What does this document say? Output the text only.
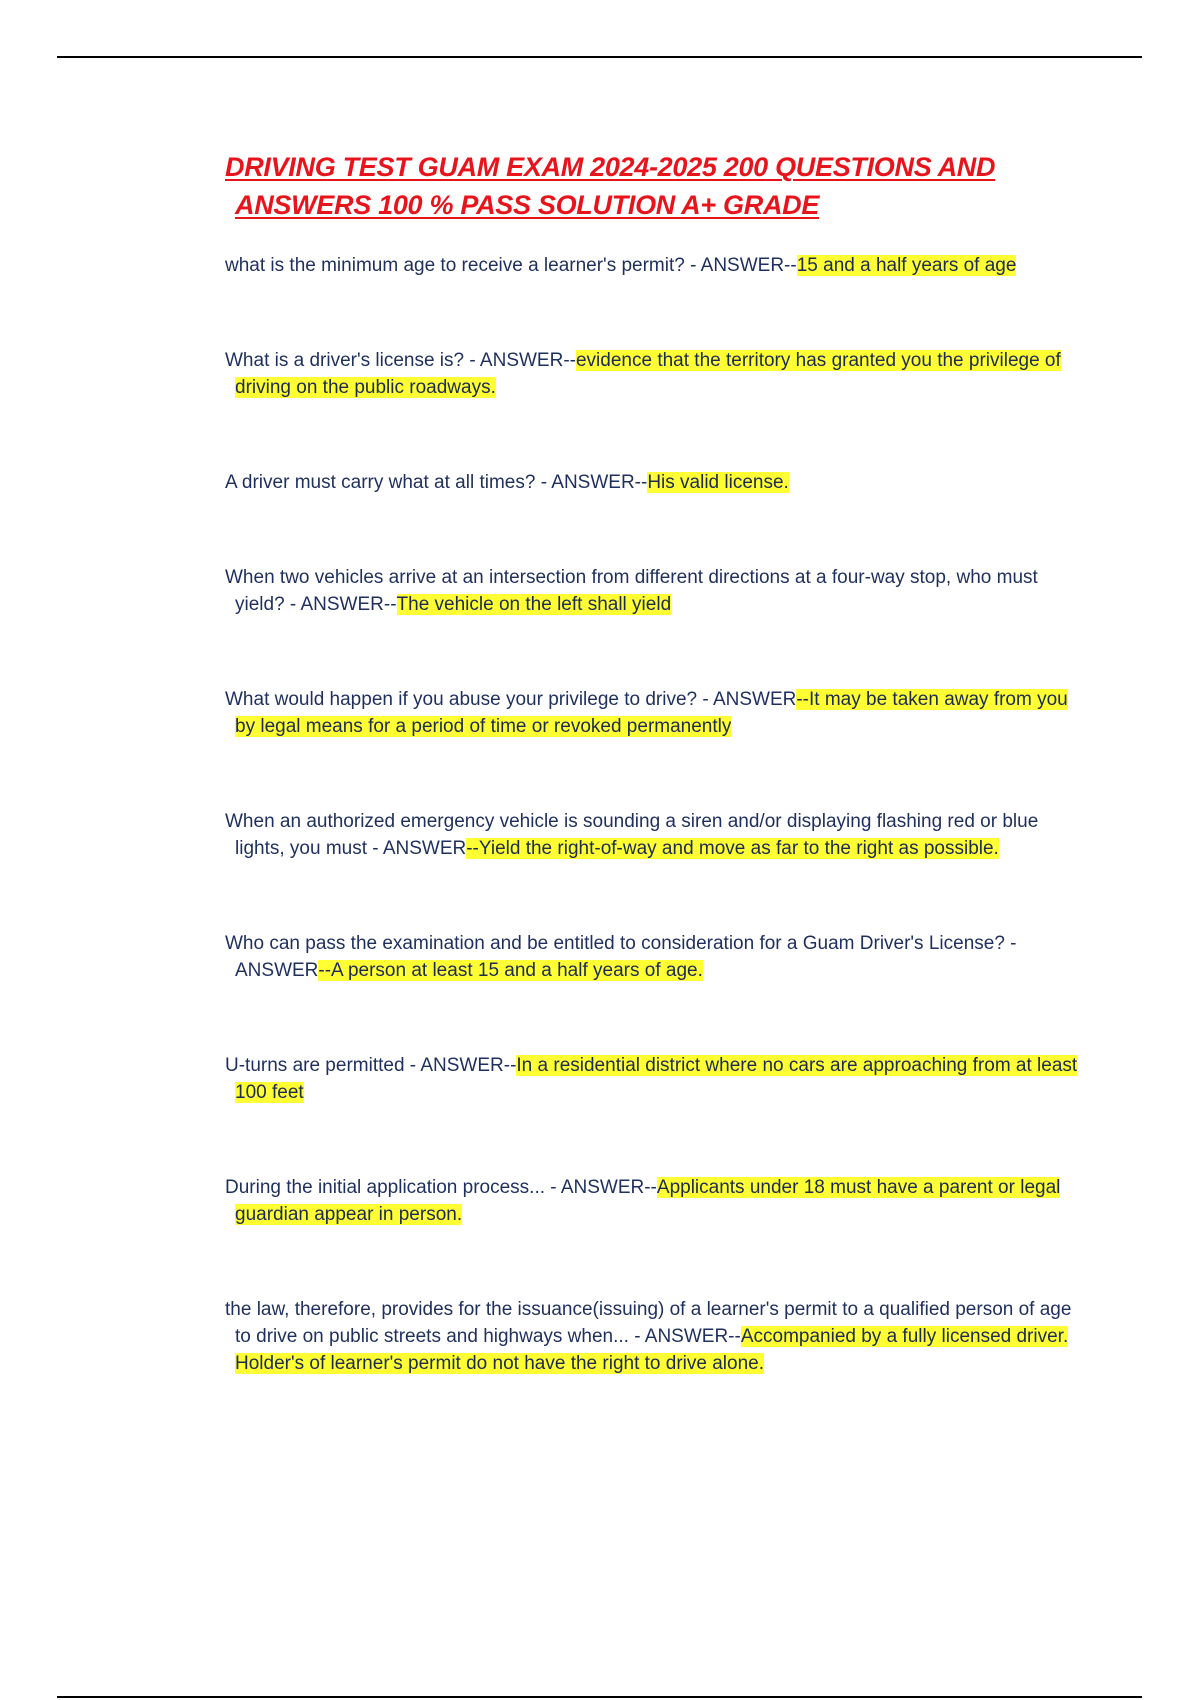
DRIVING TEST GUAM EXAM 2024-2025 200 QUESTIONS AND
ANSWERS 100 % PASS SOLUTION A+ GRADE
what is the minimum age to receive a learner's permit? - ANSWER--15 and a half years of age
What is a driver's license is? - ANSWER--evidence that the territory has granted you the privilege of driving on the public roadways.
A driver must carry what at all times? - ANSWER--His valid license.
When two vehicles arrive at an intersection from different directions at a four-way stop, who must yield? - ANSWER--The vehicle on the left shall yield
What would happen if you abuse your privilege to drive? - ANSWER--It may be taken away from you by legal means for a period of time or revoked permanently
When an authorized emergency vehicle is sounding a siren and/or displaying flashing red or blue lights, you must - ANSWER--Yield the right-of-way and move as far to the right as possible.
Who can pass the examination and be entitled to consideration for a Guam Driver's License? - ANSWER--A person at least 15 and a half years of age.
U-turns are permitted - ANSWER--In a residential district where no cars are approaching from at least 100 feet
During the initial application process... - ANSWER--Applicants under 18 must have a parent or legal guardian appear in person.
the law, therefore, provides for the issuance(issuing) of a learner's permit to a qualified person of age to drive on public streets and highways when... - ANSWER--Accompanied by a fully licensed driver. Holder's of learner's permit do not have the right to drive alone.
